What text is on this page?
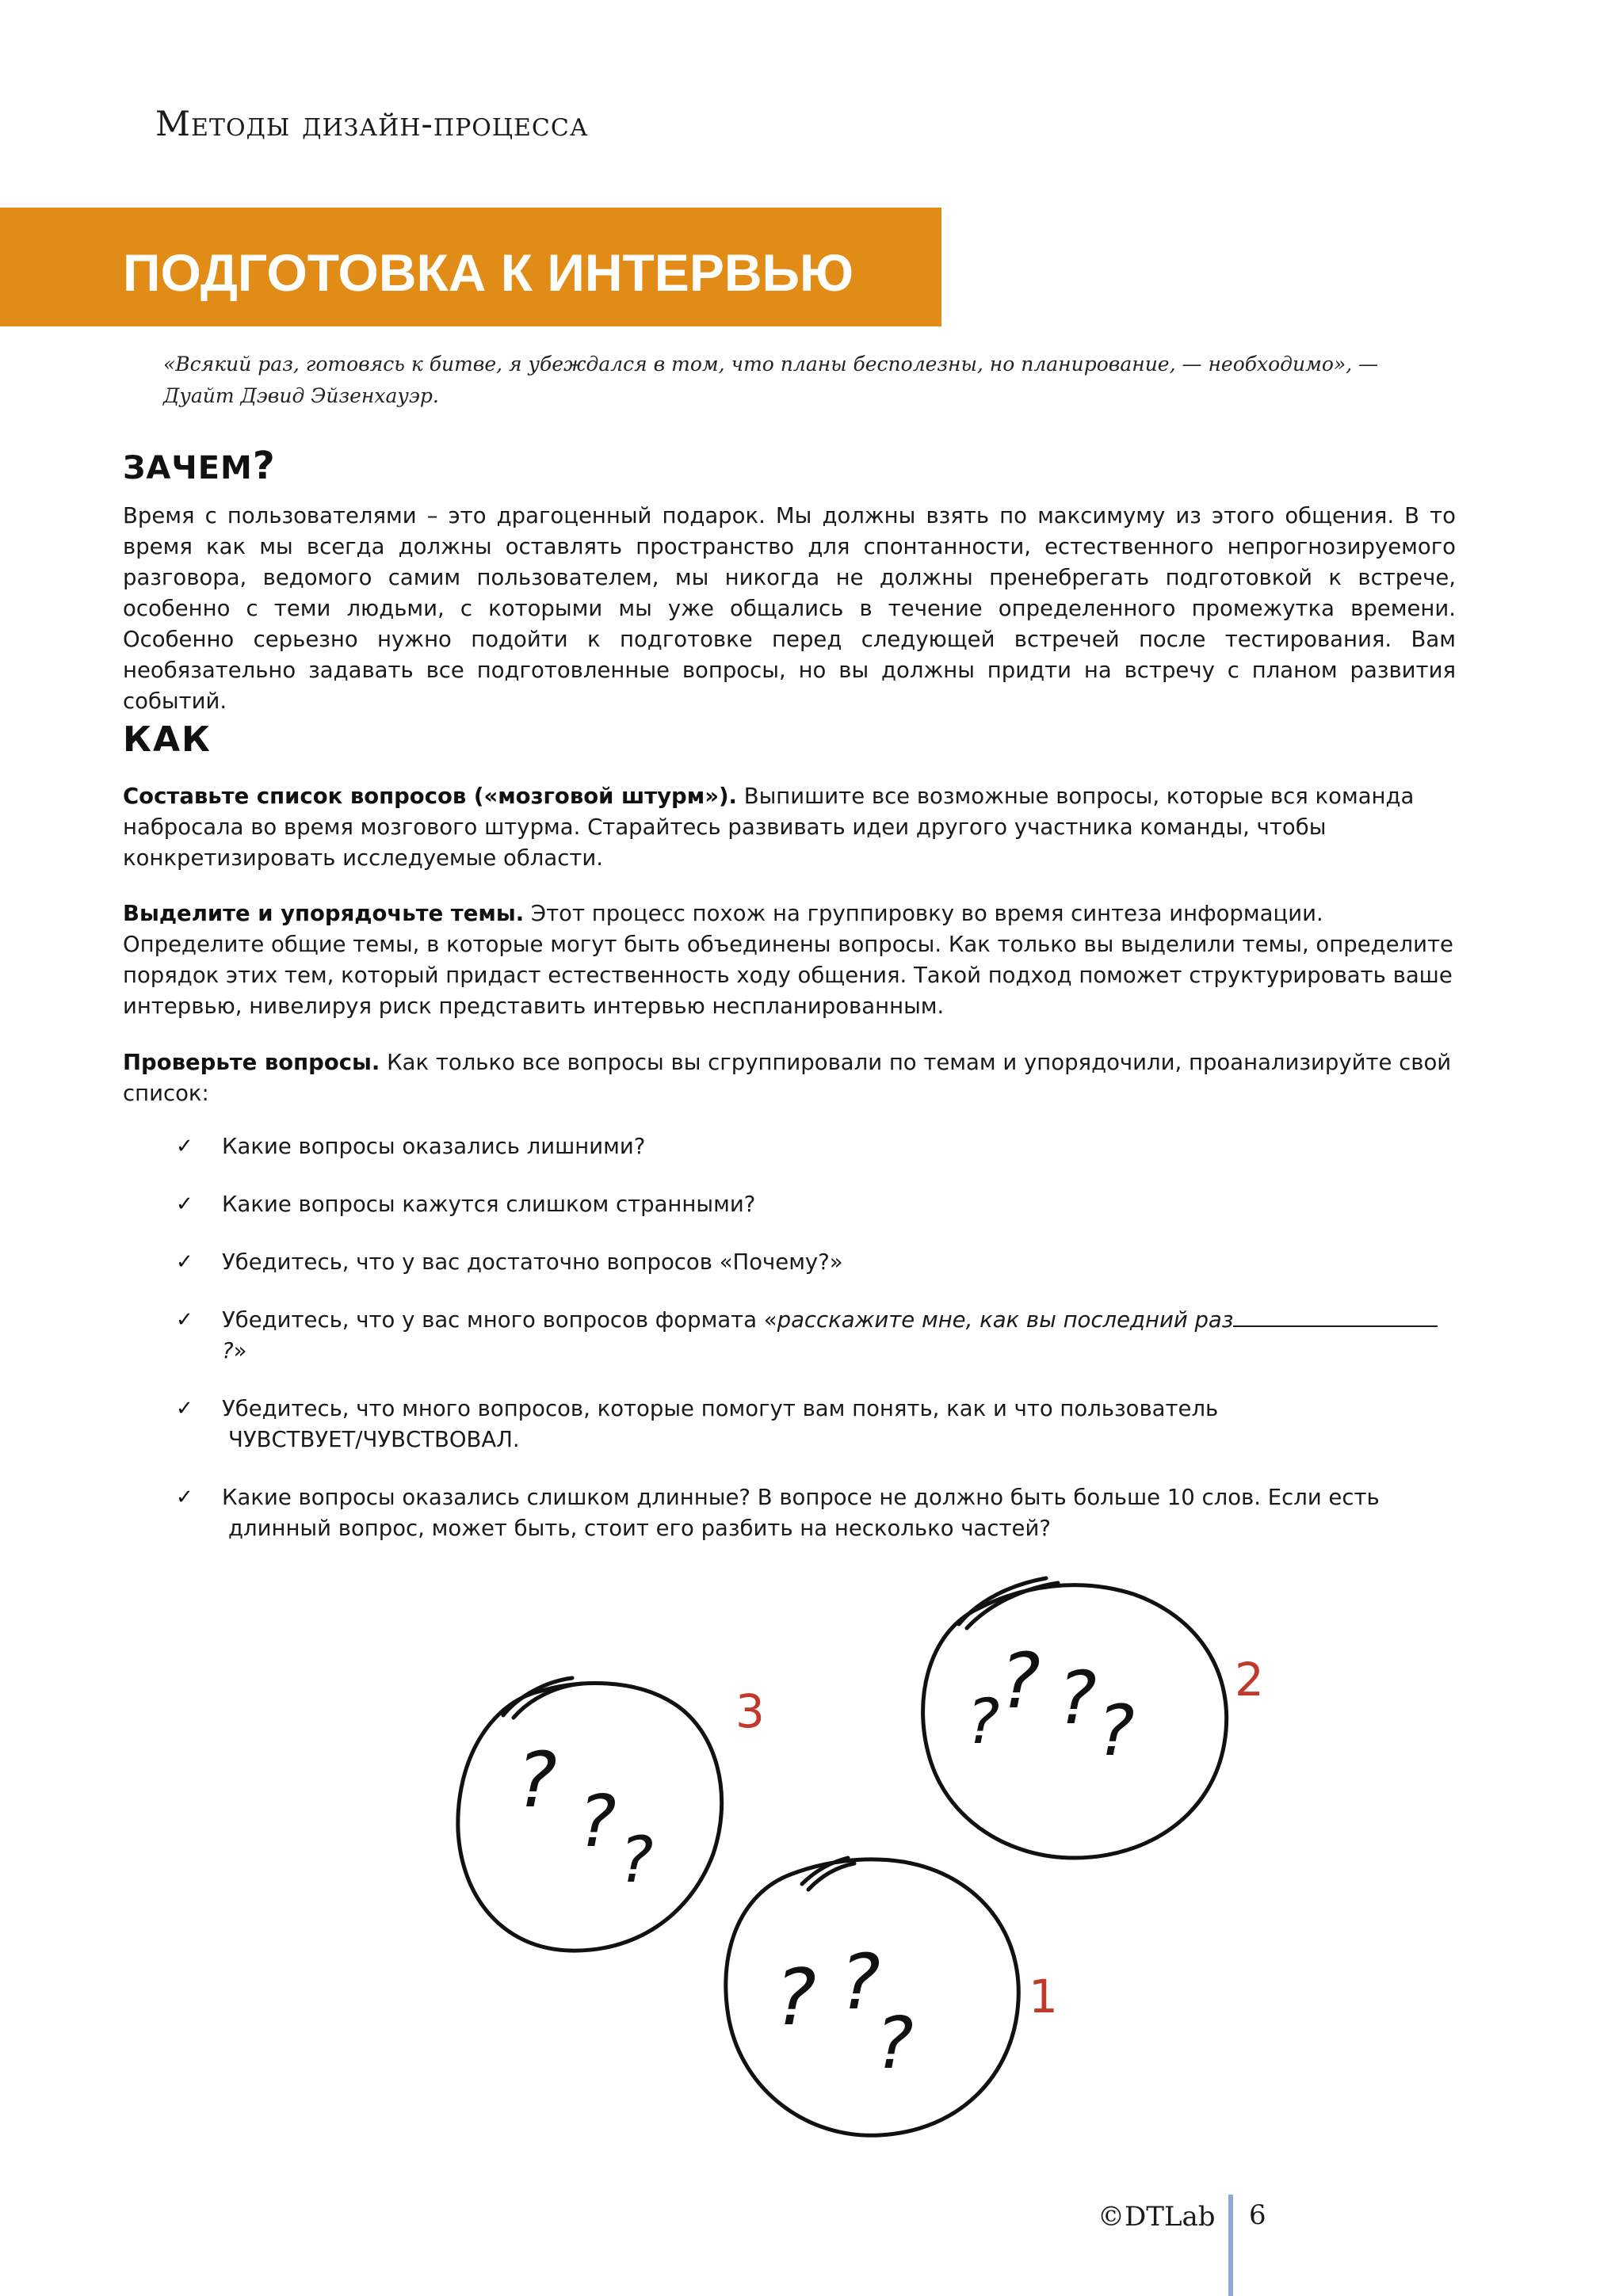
Методы дизайн-процесса
ПОДГОТОВКА К ИНТЕРВЬЮ
«Всякий раз, готовясь к битве, я убеждался в том, что планы бесполезны, но планирование, — необходимо», —
Дуайт Дэвид Эйзенхауэр.
ЗАЧЕМ?
Время с пользователями – это драгоценный подарок. Мы должны взять по максимуму из этого общения. В то время как мы всегда должны оставлять пространство для спонтанности, естественного непрогнозируемого разговора, ведомого самим пользователем, мы никогда не должны пренебрегать подготовкой к встрече, особенно с теми людьми, с которыми мы уже общались в течение определенного промежутка времени. Особенно серьезно нужно подойти к подготовке перед следующей встречей после тестирования. Вам необязательно задавать все подготовленные вопросы, но вы должны придти на встречу с планом развития событий.
КАК
Составьте список вопросов («мозговой штурм»). Выпишите все возможные вопросы, которые вся команда набросала во время мозгового штурма. Старайтесь развивать идеи другого участника команды, чтобы конкретизировать исследуемые области.
Выделите и упорядочьте темы. Этот процесс похож на группировку во время синтеза информации. Определите общие темы, в которые могут быть объединены вопросы. Как только вы выделили темы, определите порядок этих тем, который придаст естественность ходу общения. Такой подход поможет структурировать ваше интервью, нивелируя риск представить интервью неспланированным.
Проверьте вопросы. Как только все вопросы вы сгруппировали по темам и упорядочили, проанализируйте свой список:
✓ Какие вопросы оказались лишними?
✓ Какие вопросы кажутся слишком странными?
✓ Убедитесь, что у вас достаточно вопросов «Почему?»
✓ Убедитесь, что у вас много вопросов формата «расскажите мне, как вы последний раз?»
✓ Убедитесь, что много вопросов, которые помогут вам понять, как и что пользователь
ЧУВСТВУЕТ/ЧУВСТВОВАЛ.
✓ Какие вопросы оказались слишком длинные? В вопросе не должно быть больше 10 слов. Если есть
длинный вопрос, может быть, стоит его разбить на несколько частей?
? ? ?
? ? ? ?
? ?
?
3
2
1
©DTLab 6
